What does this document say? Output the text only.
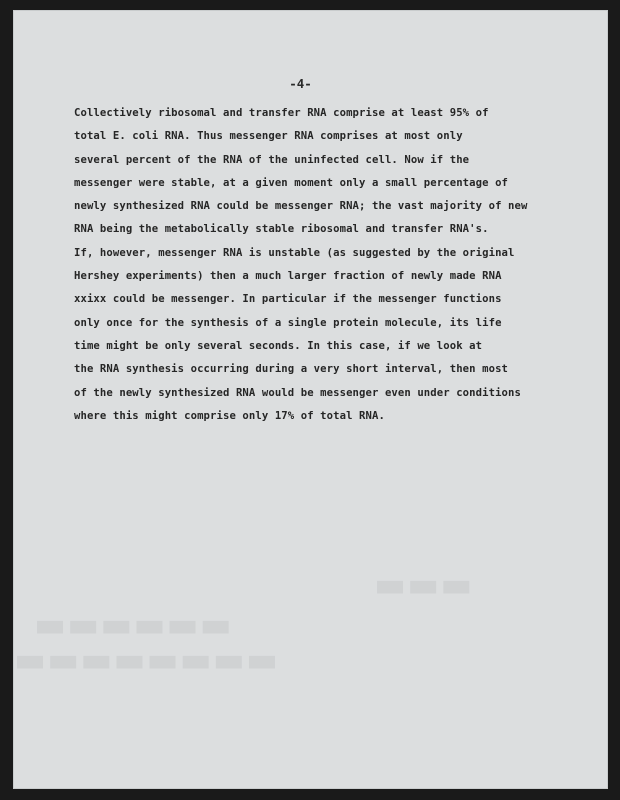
▬▬▬
▬▬▬▬▬▬
▬▬▬▬▬▬▬▬
-4-
Collectively ribosomal and transfer RNA comprise at least 95% of
total E. coli RNA. Thus messenger RNA comprises at most only
several percent of the RNA of the uninfected cell. Now if the
messenger were stable, at a given moment only a small percentage of
newly synthesized RNA could be messenger RNA; the vast majority of new
RNA being the metabolically stable ribosomal and transfer RNA's.
If, however, messenger RNA is unstable (as suggested by the original
Hershey experiments) then a much larger fraction of newly made RNA
xxixx could be messenger. In particular if the messenger functions
only once for the synthesis of a single protein molecule, its life
time might be only several seconds. In this case, if we look at
the RNA synthesis occurring during a very short interval, then most
of the newly synthesized RNA would be messenger even under conditions
where this might comprise only 17% of total RNA.
